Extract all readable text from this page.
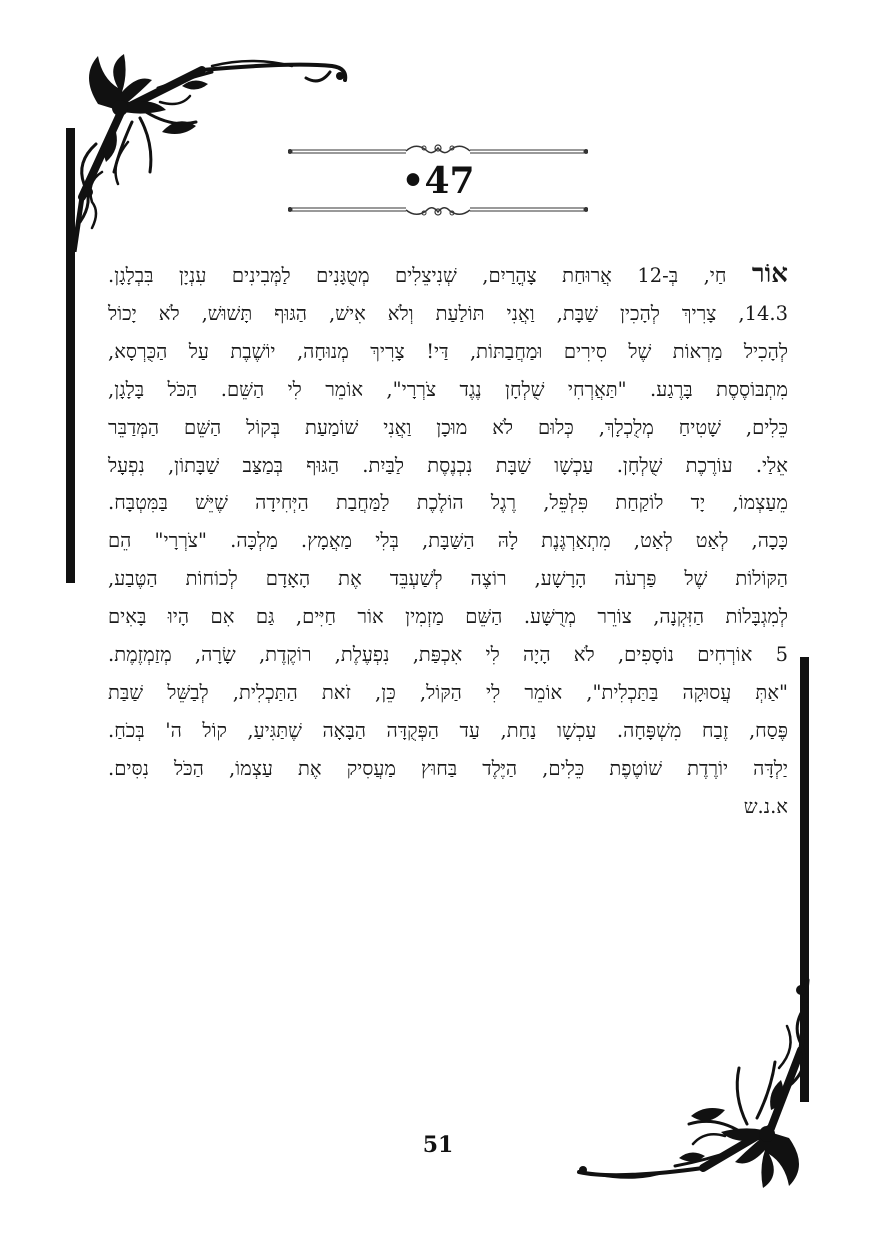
•47
אוֹר חַי, בְּ-12 אֲרוּחַת צָהֳרַיִם, שְׁנִיצֵלִים מְטֻגָּנִים לַמְּבִינִים עִנְיָן בִּבְלָגָן.
14.3, צָרִיךְ לְהָכִין שַׁבָּת, וַאֲנִי תּוֹלַעַת וְלֹא אִישׁ, הַגּוּף תָּשׁוּשׁ, לֹא יָכוֹל
לְהָכִיל מַרְאוֹת שֶׁל סִירִים וּמַחֲבַתּוֹת, דַּי! צָרִיךְ מְנוּחָה, יוֹשֶׁבֶת עַל הַכֻּרְסָא,
מִתְבּוֹסֶסֶת בָּרֶגַע. "תַּאֲרְחִי שֻׁלְחָן נֶגֶד צֹרְרָי", אוֹמֵר לִי הַשֵּׁם. הַכֹּל בָּלָגָן,
כֵּלִים, שָׁטִיחַ מְלֻכְלָךְ, כְּלוּם לֹא מוּכָן וַאֲנִי שׁוֹמַעַת בְּקוֹל הַשֵּׁם הַמְּדַבֵּר
אֵלַי. עוֹרֶכֶת שֻׁלְחָן. עַכְשָׁו שַׁבָּת נִכְנֶסֶת לַבַּיִת. הַגּוּף בְּמַצַּב שַׁבָּתוֹן, נִפְעָל
מֵעַצְמוֹ, יָד לוֹקַחַת פִּלְפֵּל, רֶגֶל הוֹלֶכֶת לַמַּחֲבַת הַיְּחִידָה שֶׁיֵּשׁ בַּמִּטְבָּח.
כָּכָה, לְאַט לְאַט, מִתְאַרְגֶּנֶת לָהּ הַשַּׁבָּת, בְּלִי מַאֲמָץ. מַלְכָּה. "צֹרְרָי" הֵם
הַקּוֹלוֹת שֶׁל פַּרְעֹה הָרָשָׁע, רוֹצֶה לְשַׁעְבֵּד אֶת הָאָדָם לְכוֹחוֹת הַטֶּבַע,
לְמִגְבָּלוֹת הַזִּקְנָה, צוֹרֵר מְרֻשָּׁע. הַשֵּׁם מַזְמִין אוֹר חַיִּים, גַּם אִם הָיוּ בָּאִים
5 אוֹרְחִים נוֹסָפִים, לֹא הָיָה לִי אִכְפַּת, נִפְעֶלֶת, רוֹקֶדֶת, שָׂרָה, מְזַמְזֶמֶת.
"אַתְּ עֲסוּקָה בַּתַּכְלִית", אוֹמֵר לִי הַקּוֹל, כֵּן, זֹאת הַתַּכְלִית, לְבַשֵּׁל שַׁבַּת
פֶּסַח, זֶבַח מִשְׁפָּחָה. עַכְשָׁו נַחַת, עַד הַפְּקֻדָּה הַבָּאָה שֶׁתַּגִּיעַ, קוֹל ה' בְּכֹחַ.
יַלְדָּה יוֹרֶדֶת שׁוֹטֶפֶת כֵּלִים, הַיֶּלֶד בַּחוּץ מַעֲסִיק אֶת עַצְמוֹ, הַכֹּל נִסִּים.
א.נ.ש
51
